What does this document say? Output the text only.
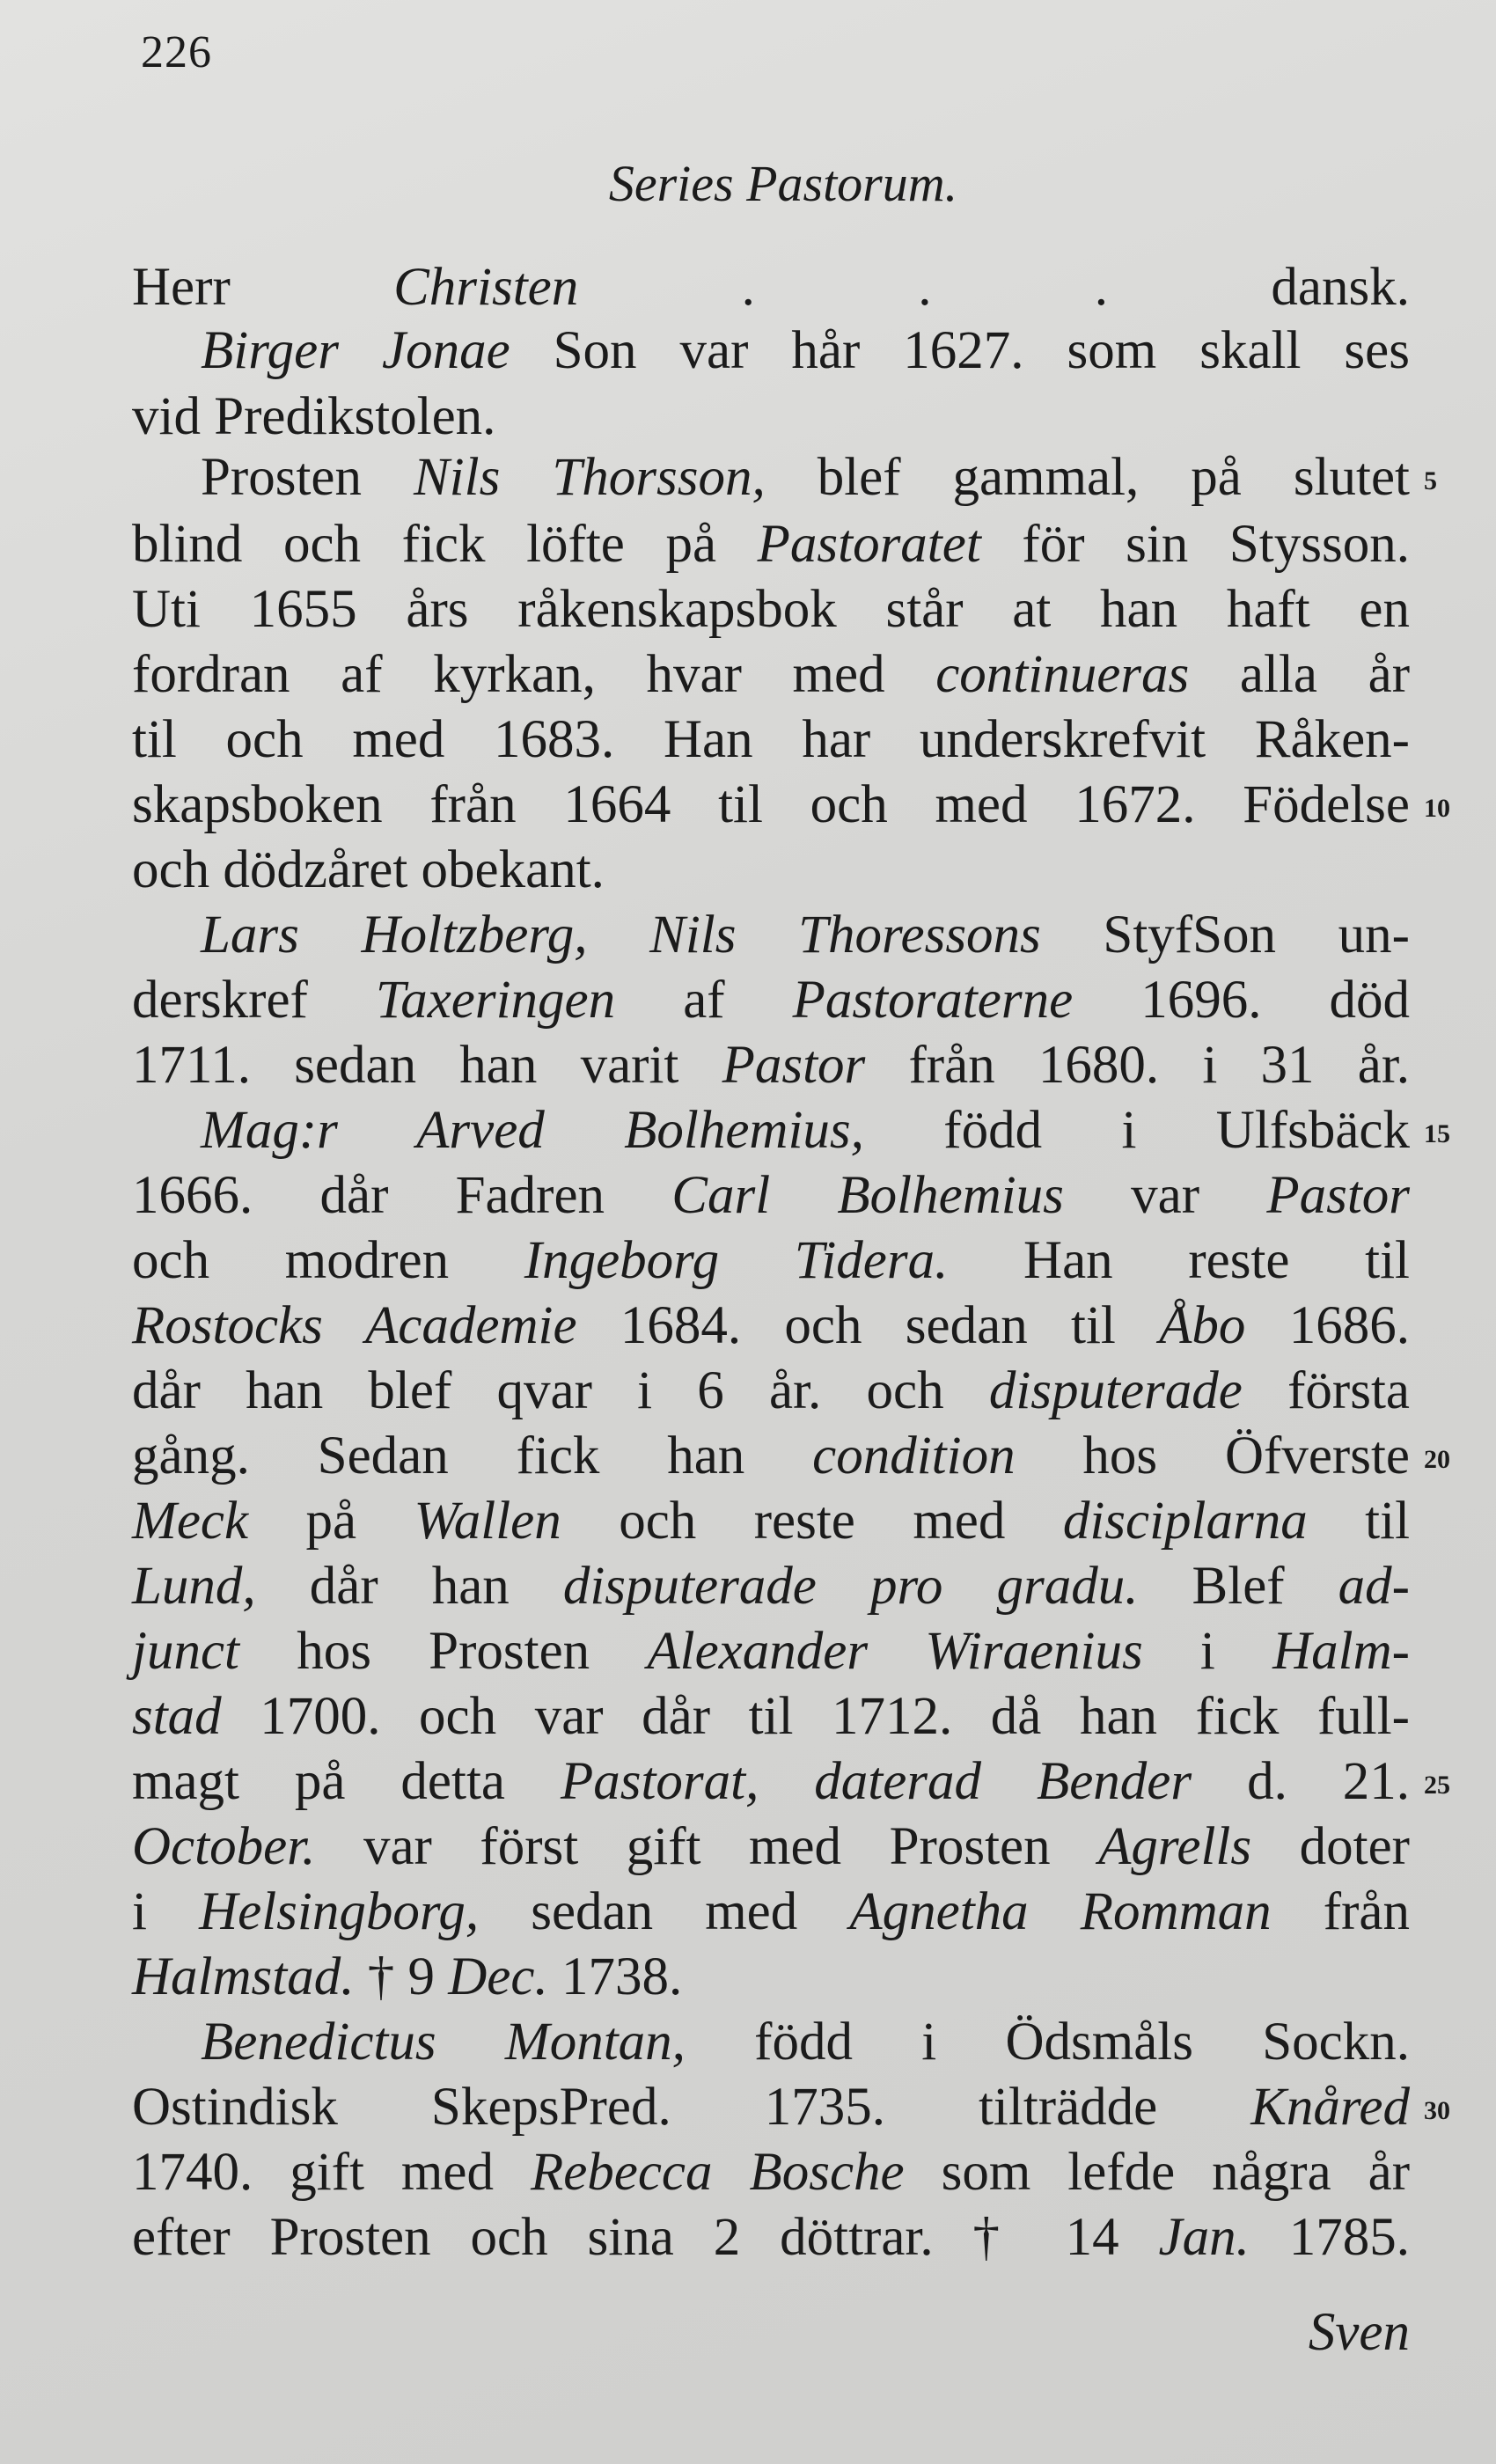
226
Series Pastorum.
Herr Christen . . . dansk.
Birger Jonae Son var hår 1627. som skall ses
vid Predikstolen.
Prosten Nils Thorsson, blef gammal, på slutet 5
blind och fick löfte på Pastoratet för sin Stysson.
Uti 1655 års råkenskapsbok står at han haft en
fordran af kyrkan, hvar med continueras alla år
til och med 1683. Han har underskrefvit Råken-
skapsboken från 1664 til och med 1672. Födelse 10
och dödzåret obekant.
Lars Holtzberg, Nils Thoressons StyfSon un-
derskref Taxeringen af Pastoraterne 1696. död
1711. sedan han varit Pastor från 1680. i 31 år.
Mag:r Arved Bolhemius, född i Ulfsbäck 15
1666. dår Fadren Carl Bolhemius var Pastor
och modren Ingeborg Tidera. Han reste til
Rostocks Academie 1684. och sedan til Åbo 1686.
dår han blef qvar i 6 år. och disputerade första
gång. Sedan fick han condition hos Öfverste 20
Meck på Wallen och reste med disciplarna til
Lund, dår han disputerade pro gradu. Blef ad-
junct hos Prosten Alexander Wiraenius i Halm-
stad 1700. och var dår til 1712. då han fick full-
magt på detta Pastorat, daterad Bender d. 21. 25
October. var först gift med Prosten Agrells doter
i Helsingborg, sedan med Agnetha Romman från
Halmstad. † 9 Dec. 1738.
Benedictus Montan, född i Ödsmåls Sockn.
Ostindisk SkepsPred. 1735. tilträdde Knåred 30
1740. gift med Rebecca Bosche som lefde några år
efter Prosten och sina 2 döttrar. † 14 Jan. 1785.
Sven
